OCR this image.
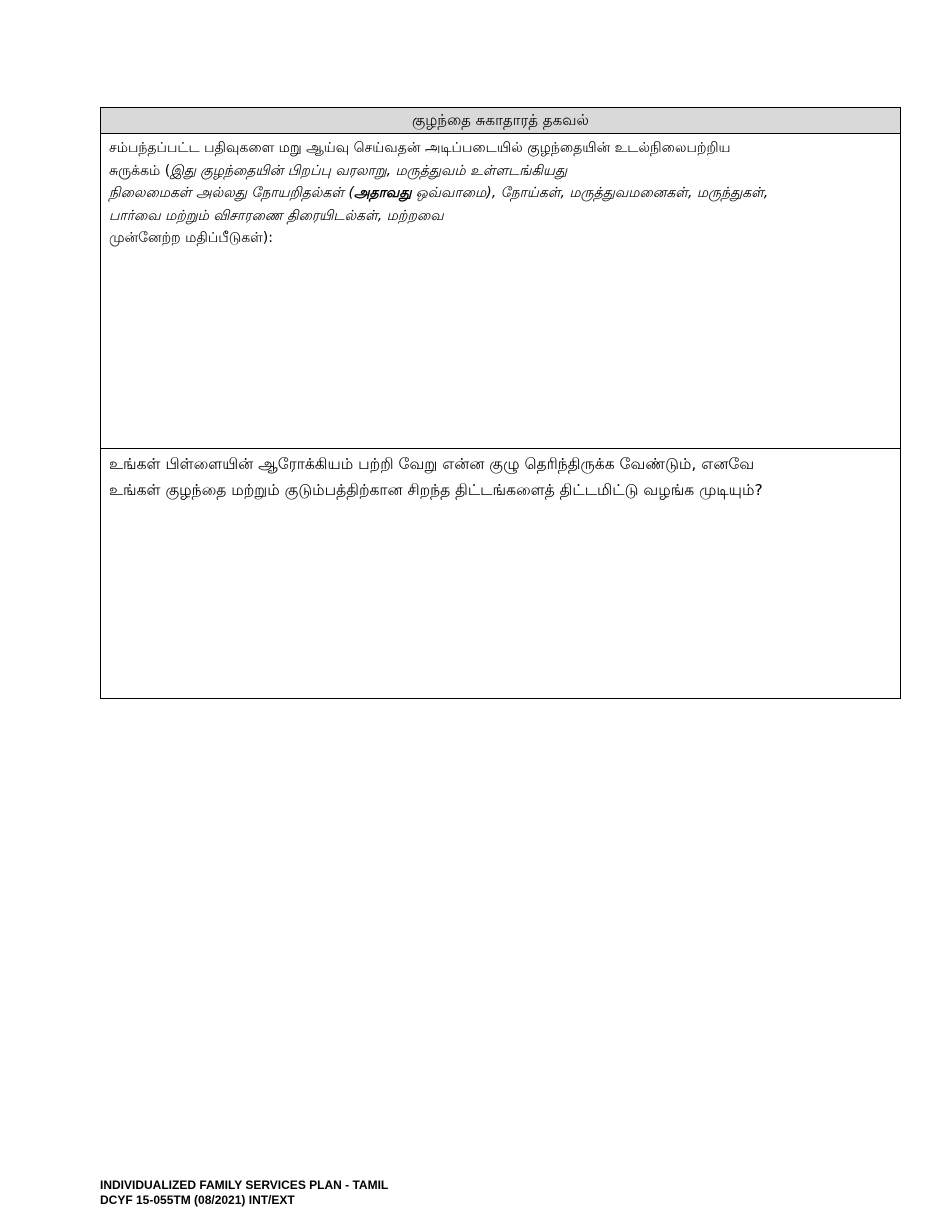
குழந்தை சுகாதாரத் தகவல்

சம்பந்தப்பட்ட பதிவுகளை மறு ஆய்வு செய்வதன் அடிப்படையில் குழந்தையின் உடல்நிலைபற்றிய

சுருக்கம் (இது குழந்தையின் பிறப்பு வரலாறு, மருத்துவம் உள்ளடங்கியது

நிலைமைகள் அல்லது நோயறிதல்கள் (அதாவது ஒவ்வாமை), நோய்கள், மருத்துவமனைகள், மருந்துகள்,

பார்வை மற்றும் விசாரணை திரையிடல்கள், மற்றவை

முன்னேற்ற மதிப்பீடுகள்):

உங்கள் பிள்ளையின் ஆரோக்கியம் பற்றி வேறு என்ன குழு தெரிந்திருக்க வேண்டும், எனவே

உங்கள் குழந்தை மற்றும் குடும்பத்திற்கான சிறந்த திட்டங்களைத் திட்டமிட்டு வழங்க முடியும்?

INDIVIDUALIZED FAMILY SERVICES PLAN - TAMIL
DCYF 15-055TM (08/2021) INT/EXT
